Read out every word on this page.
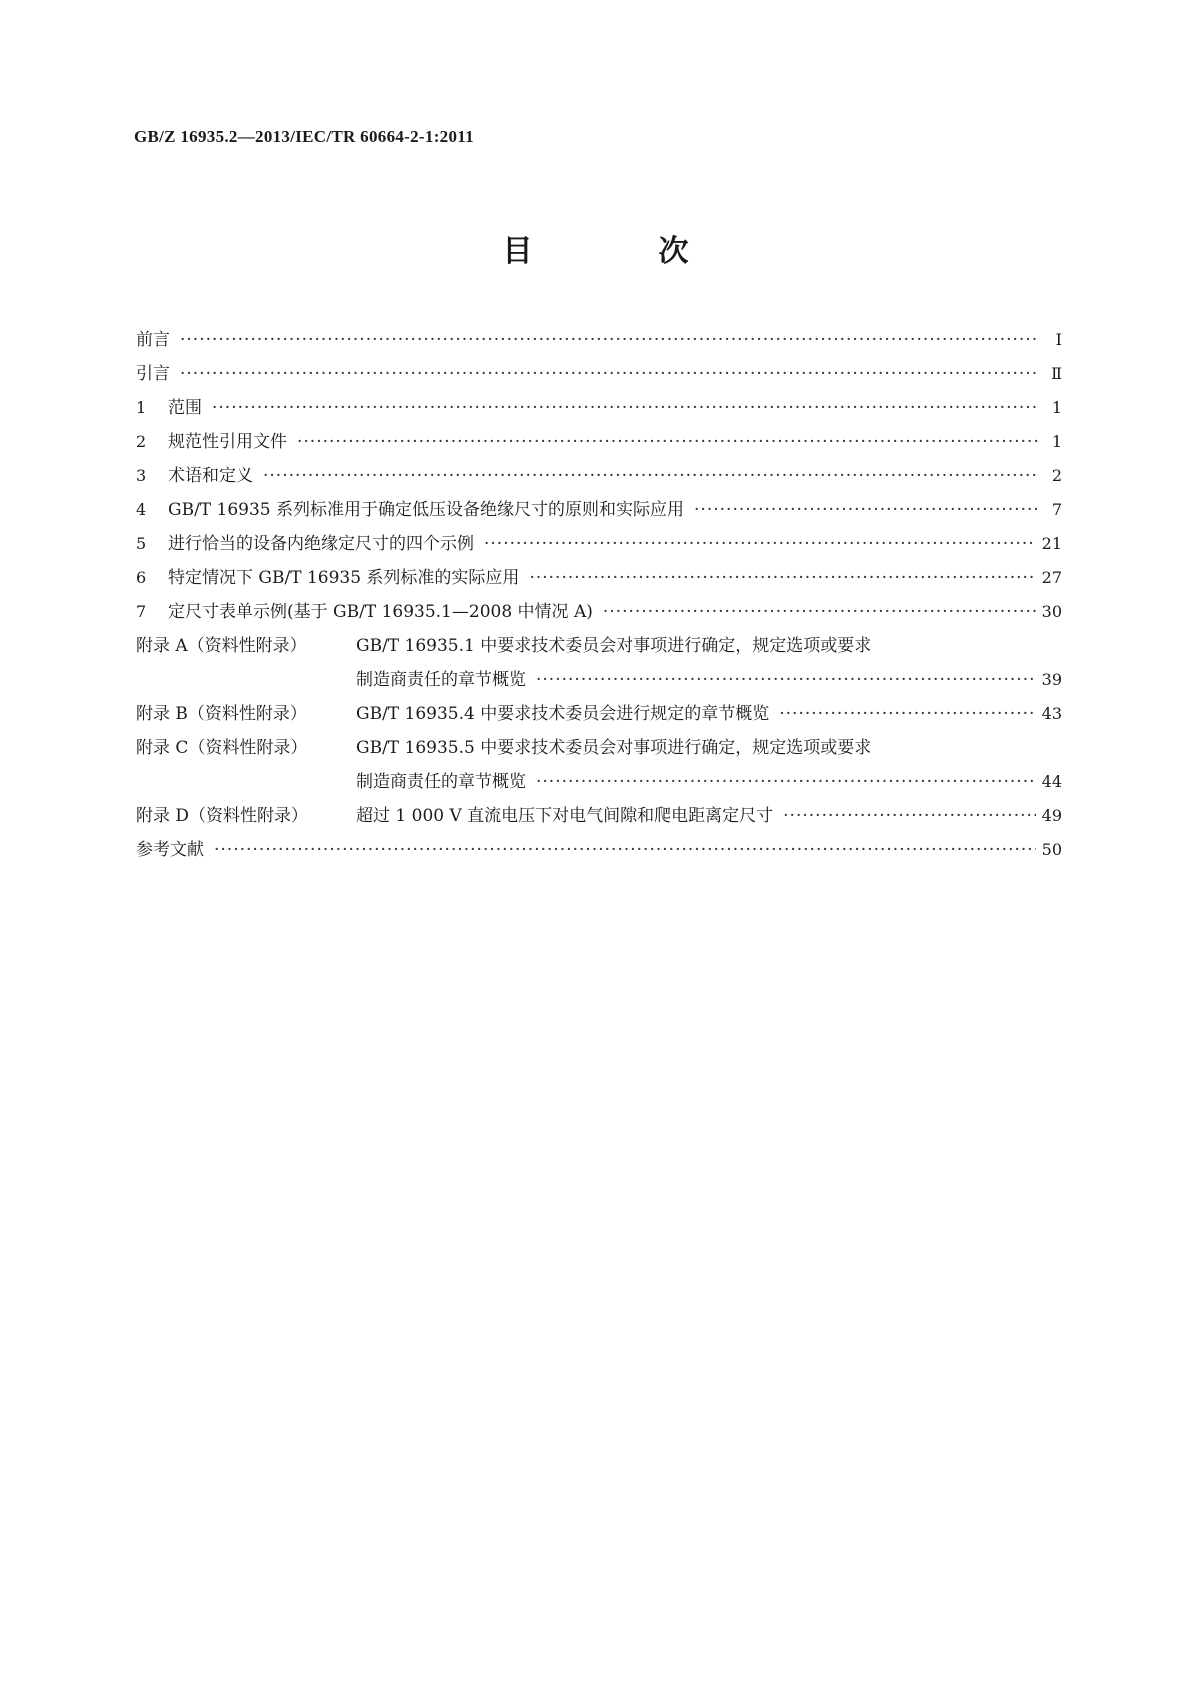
GB/Z 16935.2—2013/IEC/TR 60664-2-1:2011
目　次
前言 ·····	Ⅰ
引言 ·····	Ⅱ
1	范围 ·····	1
2	规范性引用文件 ·····	1
3	术语和定义 ·····	2
4	GB/T 16935 系列标准用于确定低压设备绝缘尺寸的原则和实际应用 ·····	7
5	进行恰当的设备内绝缘定尺寸的四个示例 ·····	21
6	特定情况下 GB/T 16935 系列标准的实际应用 ·····	27
7	定尺寸表单示例(基于 GB/T 16935.1—2008 中情况 A) ·····	30
附录 A（资料性附录）	GB/T 16935.1 中要求技术委员会对事项进行确定，规定选项或要求
制造商责任的章节概览 ·····	39
附录 B（资料性附录）	GB/T 16935.4 中要求技术委员会进行规定的章节概览 ·····	43
附录 C（资料性附录）	GB/T 16935.5 中要求技术委员会对事项进行确定，规定选项或要求
制造商责任的章节概览 ·····	44
附录 D（资料性附录）	超过 1 000 V 直流电压下对电气间隙和爬电距离定尺寸 ·····	49
参考文献 ·····	50
